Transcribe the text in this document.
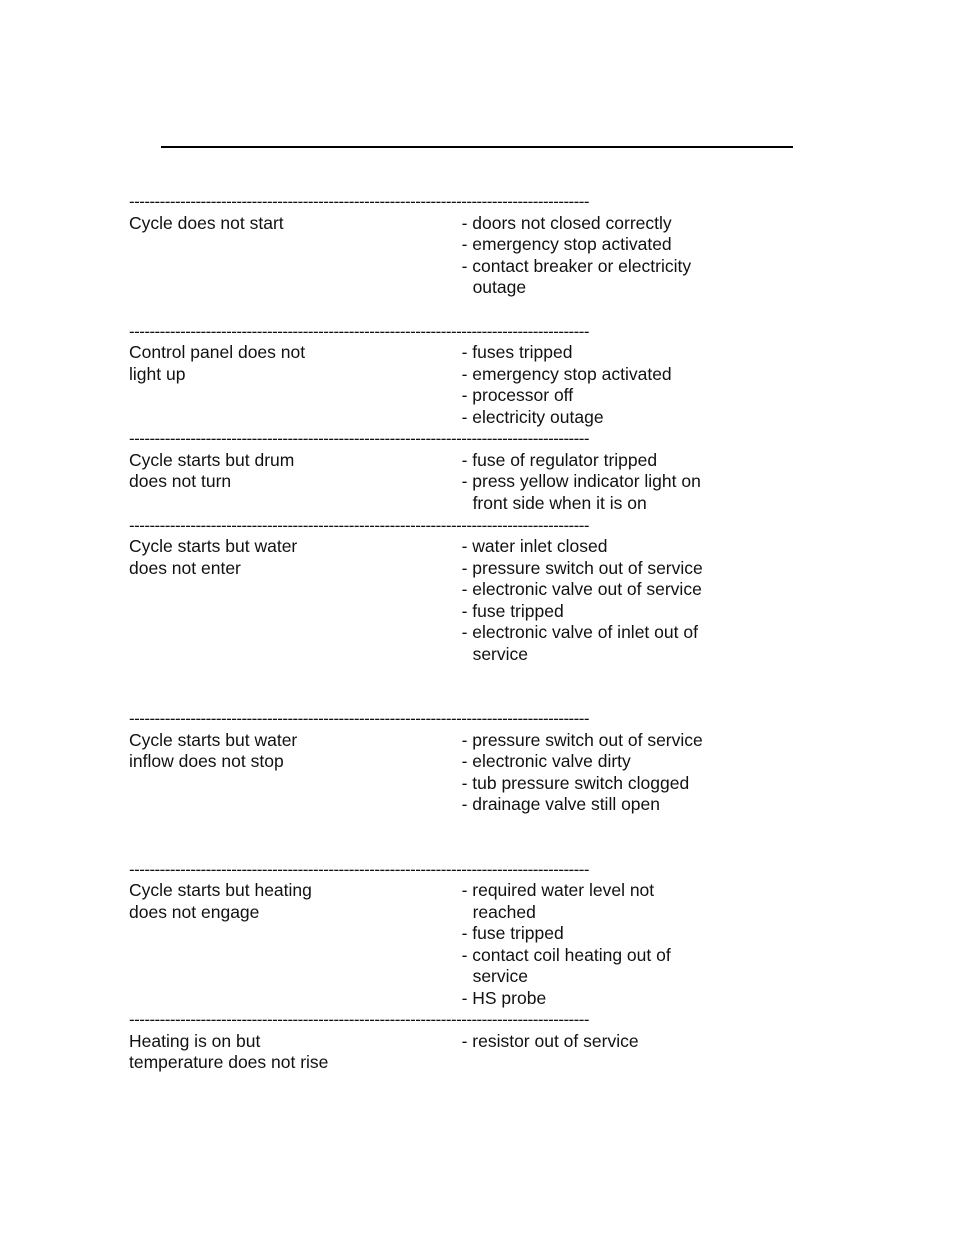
------------------------------------------------------------------------------------------
Cycle does not start	- doors not closed correctly
- emergency stop activated
- contact breaker or electricity outage
------------------------------------------------------------------------------------------
Control panel does not
light up
- fuses tripped
- emergency stop activated
- processor off
- electricity outage
------------------------------------------------------------------------------------------
Cycle starts but drum
does not turn
- fuse of regulator tripped
- press yellow indicator light on front side when it is on
------------------------------------------------------------------------------------------
Cycle starts but water
does not enter
- water inlet closed
- pressure switch out of service
- electronic valve out of service
- fuse tripped
- electronic valve of inlet out of service
------------------------------------------------------------------------------------------
Cycle starts but water
inflow does not stop
- pressure switch out of service
- electronic valve dirty
- tub pressure switch clogged
- drainage valve still open
------------------------------------------------------------------------------------------
Cycle starts but heating
does not engage
- required water level not reached
- fuse tripped
- contact coil heating out of service
- HS probe
------------------------------------------------------------------------------------------
Heating is on but
temperature does not rise
- resistor out of service
